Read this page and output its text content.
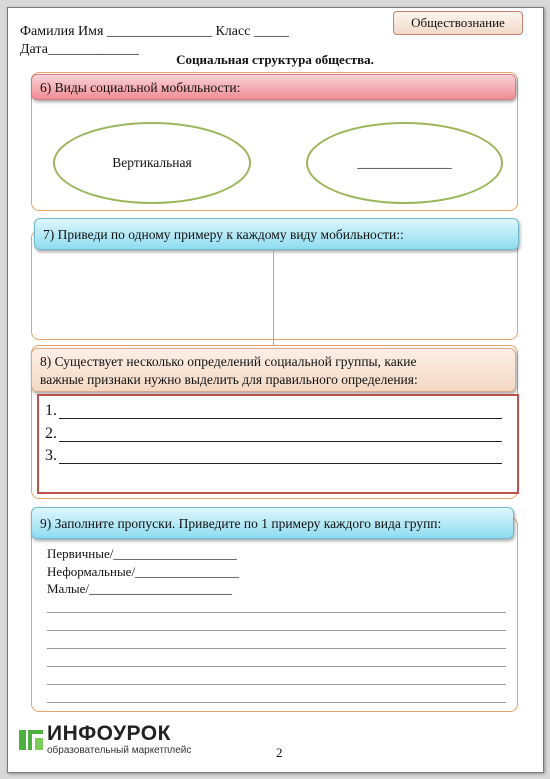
Фамилия Имя _______________ Класс _____
Дата_____________
Обществознание
Социальная структура общества.
6) Виды социальной мобильности:
Вертикальная	______________
7) Приведи по одному примеру к каждому виду мобильности::
8) Существует несколько определений социальной группы, какие
важные признаки нужно выделить для правильного определения:
1.
2.
3.
9) Заполните пропуски. Приведите по 1 примеру каждого вида групп:
Первичные/___________________
Неформальные/________________
Малые/______________________
ИНФОУРОК
образовательный маркетплейс	2
